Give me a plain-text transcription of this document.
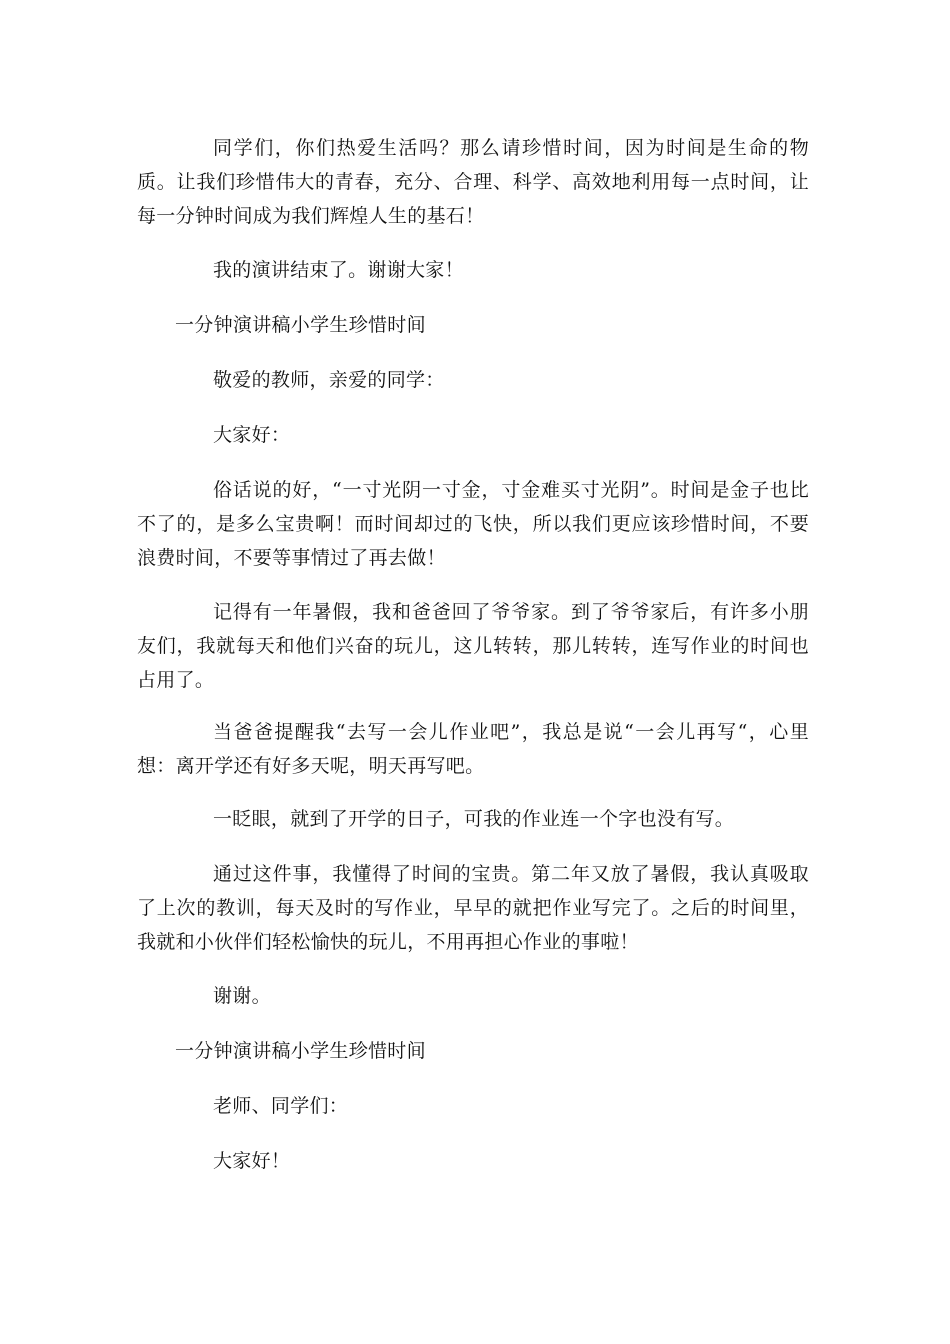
同学们，你们热爱生活吗？那么请珍惜时间，因为时间是生命的物质。让我们珍惜伟大的青春，充分、合理、科学、高效地利用每一点时间，让每一分钟时间成为我们辉煌人生的基石！

我的演讲结束了。谢谢大家！

一分钟演讲稿小学生珍惜时间

敬爱的教师，亲爱的同学：

大家好：

俗话说的好，“一寸光阴一寸金，寸金难买寸光阴”。时间是金子也比不了的，是多么宝贵啊！而时间却过的飞快，所以我们更应该珍惜时间，不要浪费时间，不要等事情过了再去做！

记得有一年暑假，我和爸爸回了爷爷家。到了爷爷家后，有许多小朋友们，我就每天和他们兴奋的玩儿，这儿转转，那儿转转，连写作业的时间也占用了。

当爸爸提醒我“去写一会儿作业吧”，我总是说“一会儿再写“，心里想：离开学还有好多天呢，明天再写吧。

一眨眼，就到了开学的日子，可我的作业连一个字也没有写。

通过这件事，我懂得了时间的宝贵。第二年又放了暑假，我认真吸取了上次的教训，每天及时的写作业，早早的就把作业写完了。之后的时间里，我就和小伙伴们轻松愉快的玩儿，不用再担心作业的事啦！

谢谢。

一分钟演讲稿小学生珍惜时间

老师、同学们：

大家好！
